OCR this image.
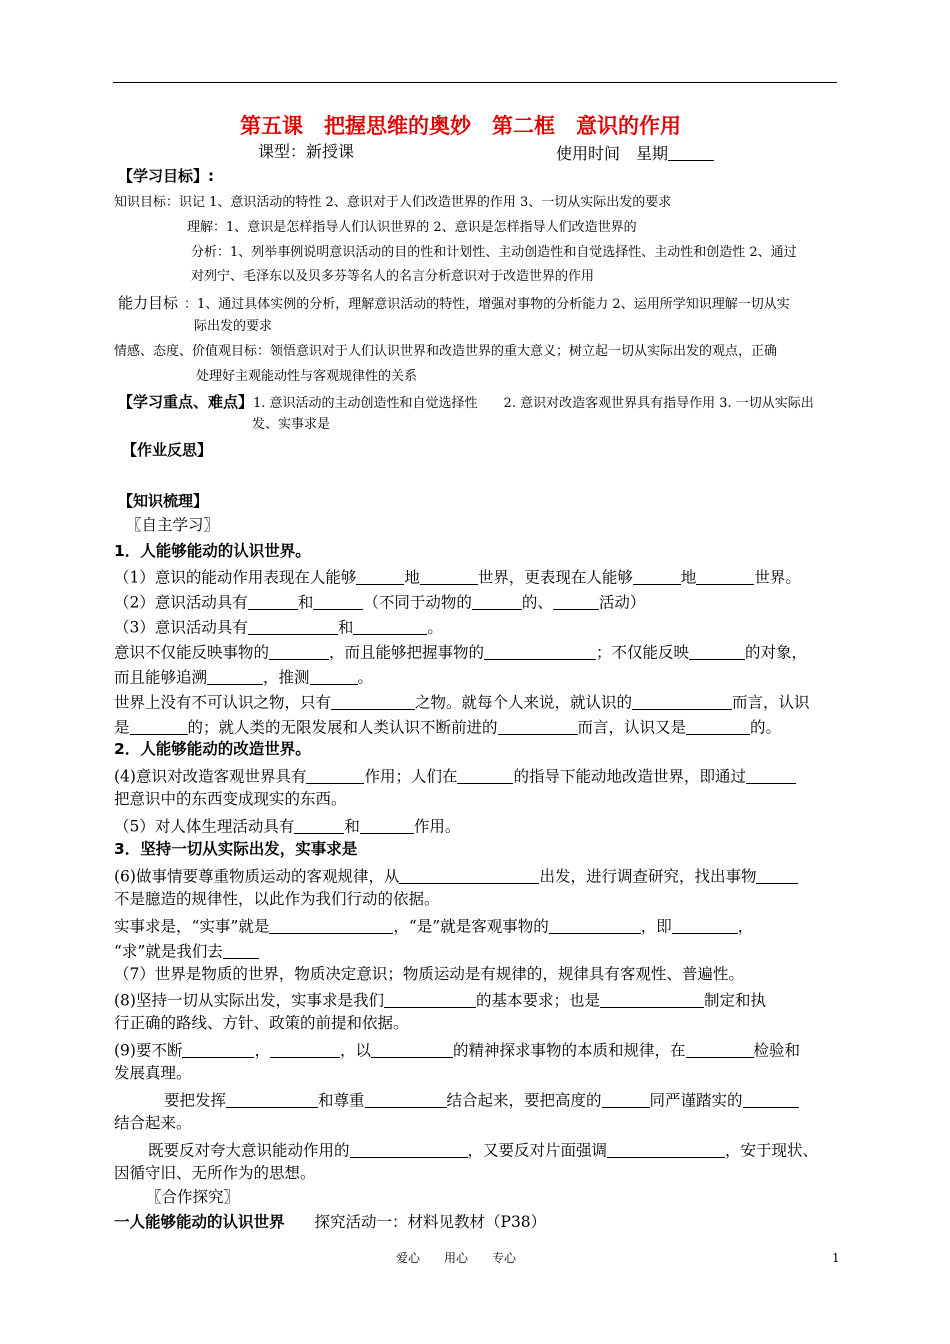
第五课　把握思维的奥妙　第二框　意识的作用
课型：新授课	使用时间　星期
【学习目标】:
知识目标：识记 1、意识活动的特性 2、意识对于人们改造世界的作用 3、一切从实际出发的要求
理解：1、意识是怎样指导人们认识世界的 2、意识是怎样指导人们改造世界的
分析：1、列举事例说明意识活动的目的性和计划性、主动创造性和自觉选择性、主动性和创造性 2、通过
对列宁、毛泽东以及贝多芬等名人的名言分析意识对于改造世界的作用
能力目标 ：1、通过具体实例的分析，理解意识活动的特性，增强对事物的分析能力 2、运用所学知识理解一切从实
际出发的要求
情感、态度、价值观目标：领悟意识对于人们认识世界和改造世界的重大意义；树立起一切从实际出发的观点，正确
处理好主观能动性与客观规律性的关系
【学习重点、难点】1. 意识活动的主动创造性和自觉选择性　　2. 意识对改造客观世界具有指导作用 3. 一切从实际出
发、实事求是
【作业反思】
【知识梳理】
〖自主学习〗
1．人能够能动的认识世界。
（1）意识的能动作用表现在人能够	地	世界，更表现在人能够	地	世界。
（2）意识活动具有	和	（不同于动物的	的、	活动）
（3）意识活动具有	和	。
意识不仅能反映事物的	，而且能够把握事物的	；不仅能反映	的对象，
而且能够追溯	，推测	。
世界上没有不可认识之物，只有	之物。就每个人来说，就认识的	而言，认识
是	的；就人类的无限发展和人类认识不断前进的	而言，认识又是	的。
2．人能够能动的改造世界。
(4)意识对改造客观世界具有	作用；人们在	的指导下能动地改造世界，即通过
把意识中的东西变成现实的东西。
（5）对人体生理活动具有	和	作用。
3．坚持一切从实际出发，实事求是
(6)做事情要尊重物质运动的客观规律，从	出发，进行调查研究，找出事物
不是臆造的规律性，以此作为我们行动的依据。
实事求是，“实事”就是	，“是”就是客观事物的	，即	，
“求”就是我们去
（7）世界是物质的世界，物质决定意识；物质运动是有规律的，规律具有客观性、普遍性。
(8)坚持一切从实际出发，实事求是我们	的基本要求；也是	制定和执
行正确的路线、方针、政策的前提和依据。
(9)要不断	，	，以	的精神探求事物的本质和规律，在	检验和
发展真理。
要把发挥	和尊重	结合起来，要把高度的	同严谨踏实的
结合起来。
既要反对夸大意识能动作用的	，又要反对片面强调	，安于现状、
因循守旧、无所作为的思想。
〖合作探究〗
一人能够能动的认识世界 探究活动一：材料见教材（P38）
爱心　　用心　　专心	1
